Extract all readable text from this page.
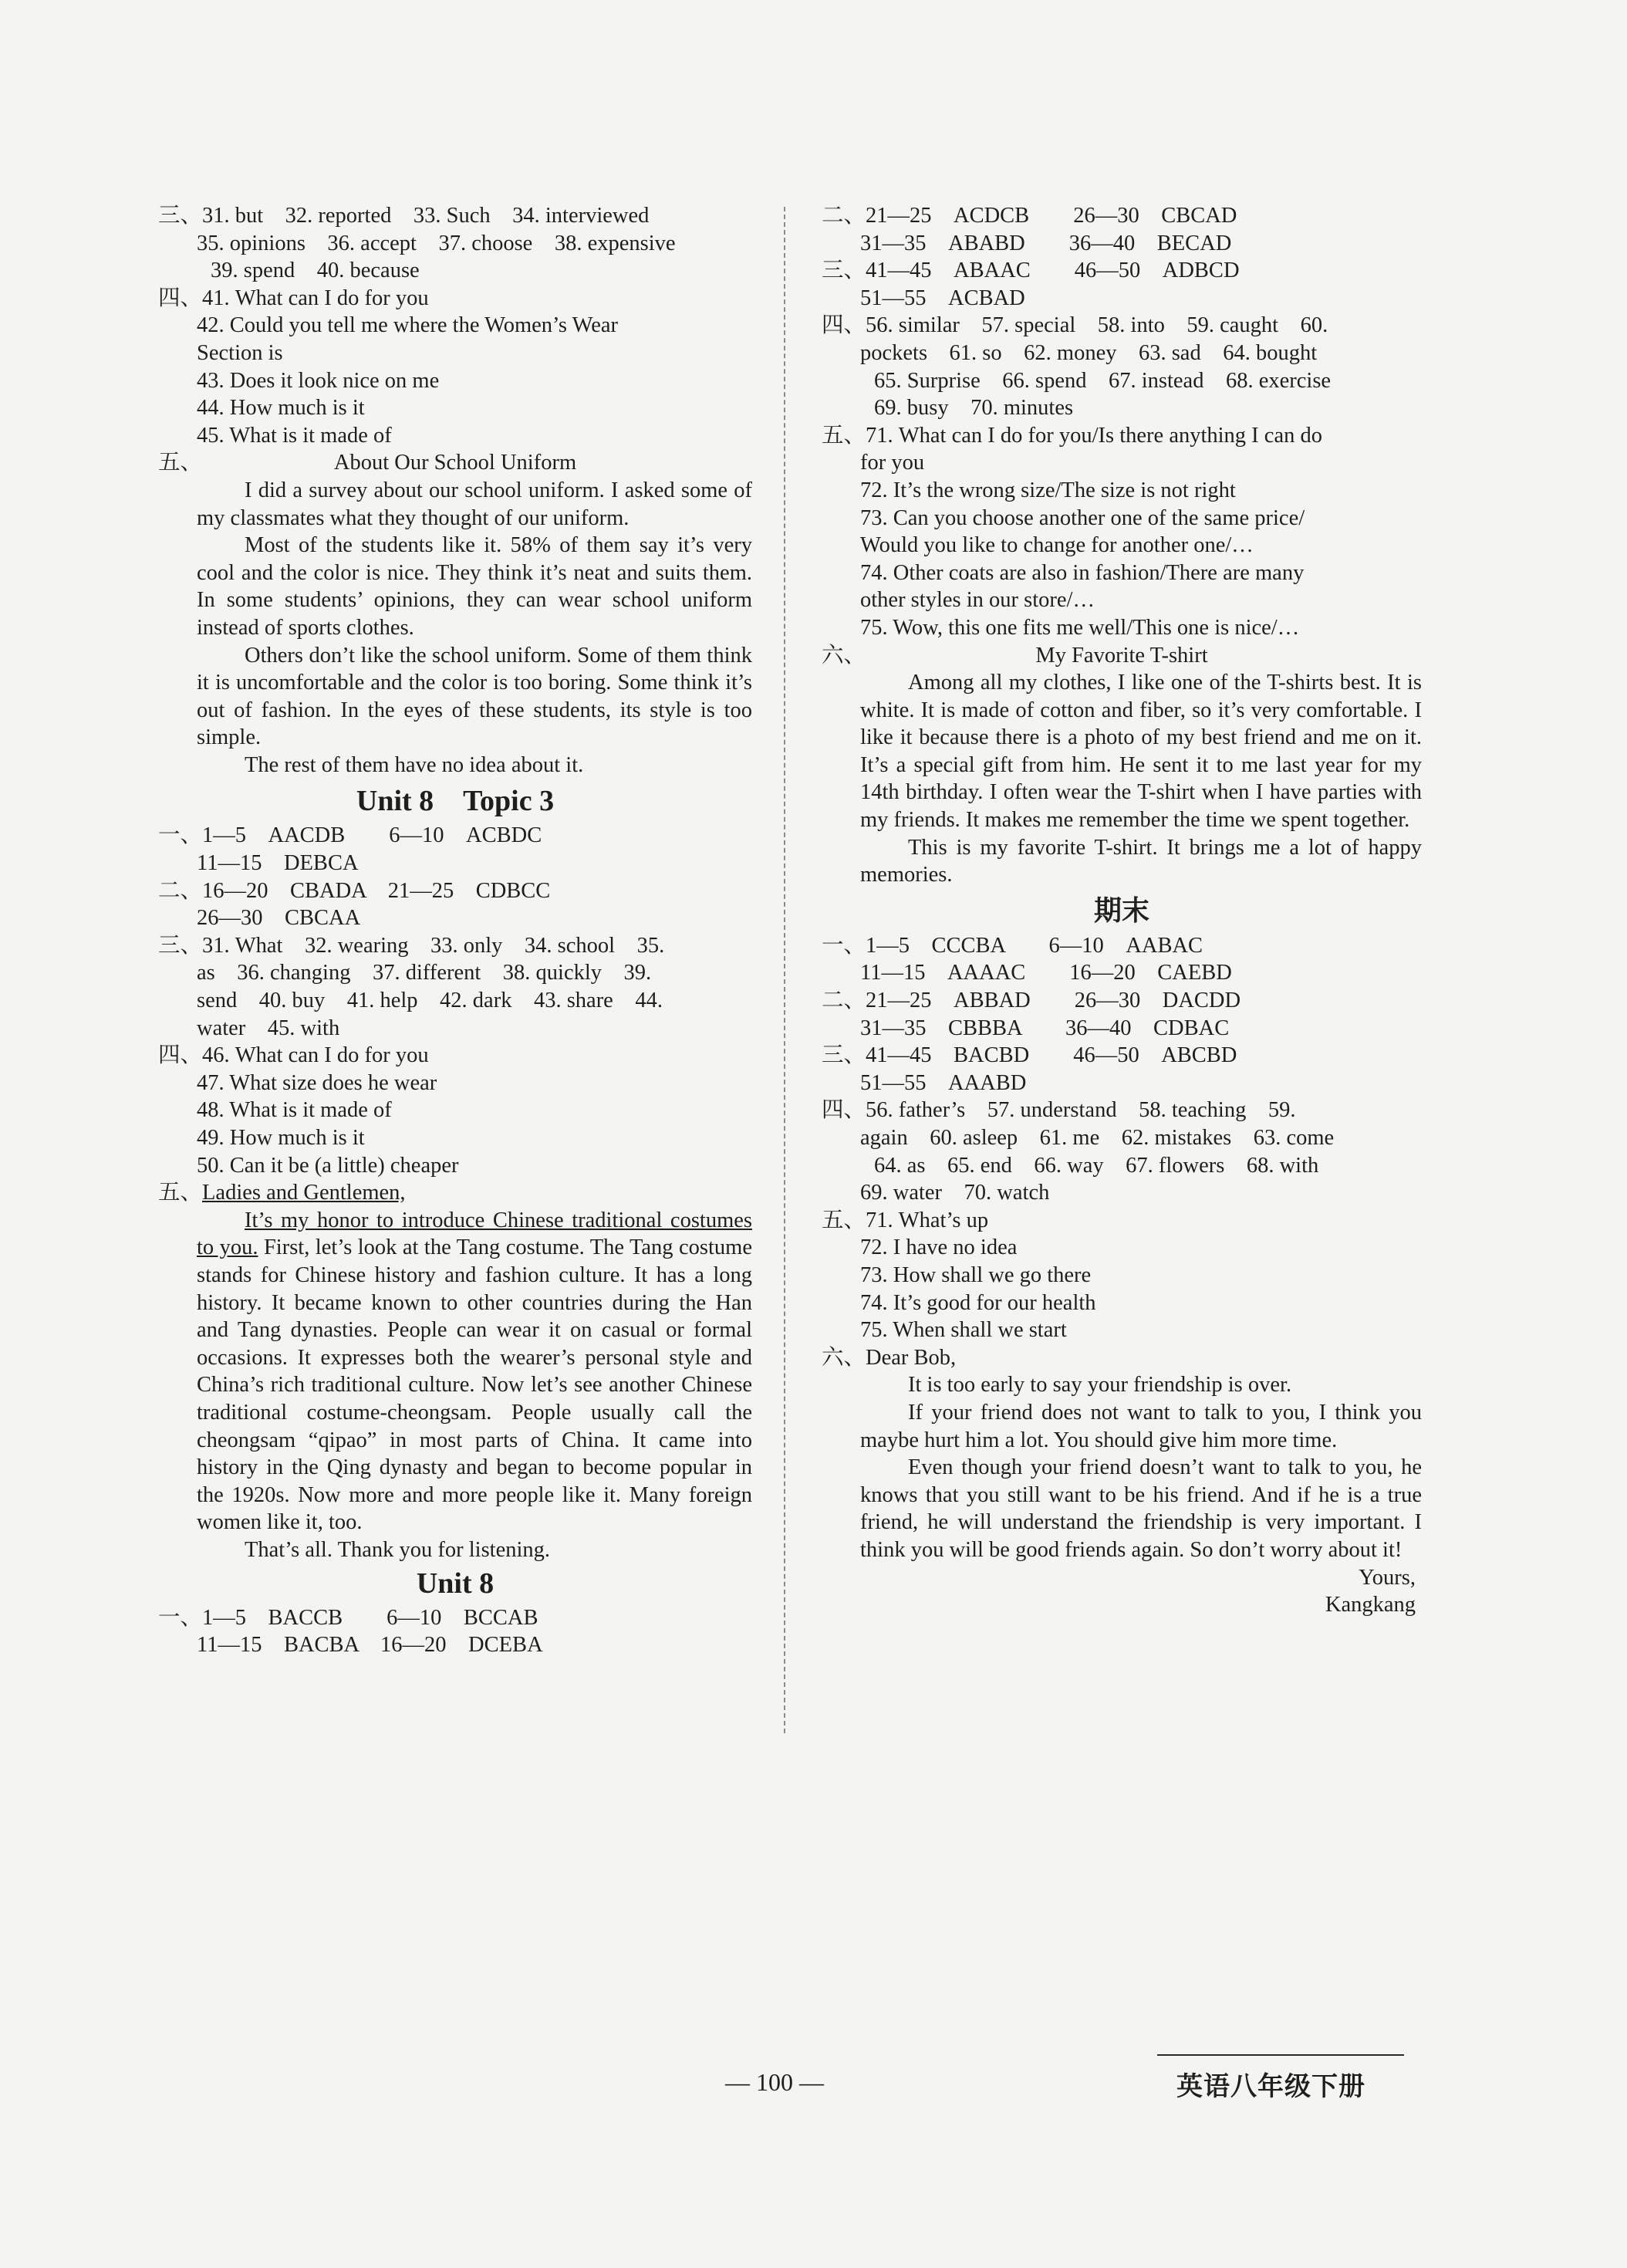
三、31. but　32. reported　33. Such　34. interviewed
35. opinions　36. accept　37. choose　38. expensive
39. spend　40. because
四、41. What can I do for you
42. Could you tell me where the Women’s Wear
Section is
43. Does it look nice on me
44. How much is it
45. What is it made of
五、	About Our School Uniform
I did a survey about our school uniform. I asked some of my classmates what they thought of our uniform.
Most of the students like it. 58% of them say it’s very cool and the color is nice. They think it’s neat and suits them. In some students’ opinions, they can wear school uniform instead of sports clothes.
Others don’t like the school uniform. Some of them think it is uncomfortable and the color is too boring. Some think it’s out of fashion. In the eyes of these students, its style is too simple.
The rest of them have no idea about it.
Unit 8　Topic 3
一、1—5　AACDB　　6—10　ACBDC
11—15　DEBCA
二、16—20　CBADA　21—25　CDBCC
26—30　CBCAA
三、31. What　32. wearing　33. only　34. school　35.
as　36. changing　37. different　38. quickly　39.
send　40. buy　41. help　42. dark　43. share　44.
water　45. with
四、46. What can I do for you
47. What size does he wear
48. What is it made of
49. How much is it
50. Can it be (a little) cheaper
五、Ladies and Gentlemen,
It’s my honor to introduce Chinese traditional costumes to you. First, let’s look at the Tang costume. The Tang costume stands for Chinese history and fashion culture. It has a long history. It became known to other countries during the Han and Tang dynasties. People can wear it on casual or formal occasions. It expresses both the wearer’s personal style and China’s rich traditional culture. Now let’s see another Chinese traditional costume-cheongsam. People usually call the cheongsam “qipao” in most parts of China. It came into history in the Qing dynasty and began to become popular in the 1920s. Now more and more people like it. Many foreign women like it, too.
That’s all. Thank you for listening.
Unit 8
一、1—5　BACCB　　6—10　BCCAB
11—15　BACBA　16—20　DCEBA
二、21—25　ACDCB　　26—30　CBCAD
31—35　ABABD　　36—40　BECAD
三、41—45　ABAAC　　46—50　ADBCD
51—55　ACBAD
四、56. similar　57. special　58. into　59. caught　60.
pockets　61. so　62. money　63. sad　64. bought
65. Surprise　66. spend　67. instead　68. exercise
69. busy　70. minutes
五、71. What can I do for you/Is there anything I can do
for you
72. It’s the wrong size/The size is not right
73. Can you choose another one of the same price/
Would you like to change for another one/…
74. Other coats are also in fashion/There are many
other styles in our store/…
75. Wow, this one fits me well/This one is nice/…
六、	My Favorite T-shirt
Among all my clothes, I like one of the T-shirts best. It is white. It is made of cotton and fiber, so it’s very comfortable. I like it because there is a photo of my best friend and me on it. It’s a special gift from him. He sent it to me last year for my 14th birthday. I often wear the T-shirt when I have parties with my friends. It makes me remember the time we spent together.
This is my favorite T-shirt. It brings me a lot of happy memories.
期末
一、1—5　CCCBA　　6—10　AABAC
11—15　AAAAC　　16—20　CAEBD
二、21—25　ABBAD　　26—30　DACDD
31—35　CBBBA　　36—40　CDBAC
三、41—45　BACBD　　46—50　ABCBD
51—55　AAABD
四、56. father’s　57. understand　58. teaching　59.
again　60. asleep　61. me　62. mistakes　63. come
64. as　65. end　66. way　67. flowers　68. with
69. water　70. watch
五、71. What’s up
72. I have no idea
73. How shall we go there
74. It’s good for our health
75. When shall we start
六、Dear Bob,
It is too early to say your friendship is over.
If your friend does not want to talk to you, I think you maybe hurt him a lot. You should give him more time.
Even though your friend doesn’t want to talk to you, he knows that you still want to be his friend. And if he is a true friend, he will understand the friendship is very important. I think you will be good friends again. So don’t worry about it!
Yours,
Kangkang
— 100 —	英语八年级下册
